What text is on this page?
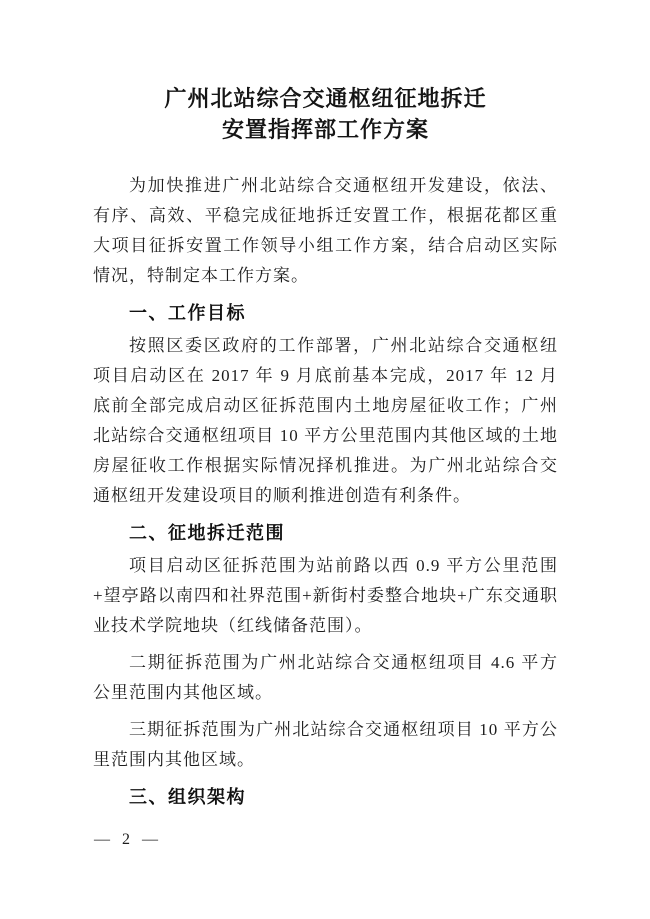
广州北站综合交通枢纽征地拆迁
安置指挥部工作方案

为加快推进广州北站综合交通枢纽开发建设，依法、有序、高效、平稳完成征地拆迁安置工作，根据花都区重大项目征拆安置工作领导小组工作方案，结合启动区实际情况，特制定本工作方案。

一、工作目标

按照区委区政府的工作部署，广州北站综合交通枢纽项目启动区在 2017 年 9 月底前基本完成，2017 年 12 月底前全部完成启动区征拆范围内土地房屋征收工作；广州北站综合交通枢纽项目 10 平方公里范围内其他区域的土地房屋征收工作根据实际情况择机推进。为广州北站综合交通枢纽开发建设项目的顺利推进创造有利条件。

二、征地拆迁范围

项目启动区征拆范围为站前路以西 0.9 平方公里范围+望亭路以南四和社界范围+新街村委整合地块+广东交通职业技术学院地块（红线储备范围）。

二期征拆范围为广州北站综合交通枢纽项目 4.6 平方公里范围内其他区域。

三期征拆范围为广州北站综合交通枢纽项目 10 平方公里范围内其他区域。

三、组织架构
— 2 —
